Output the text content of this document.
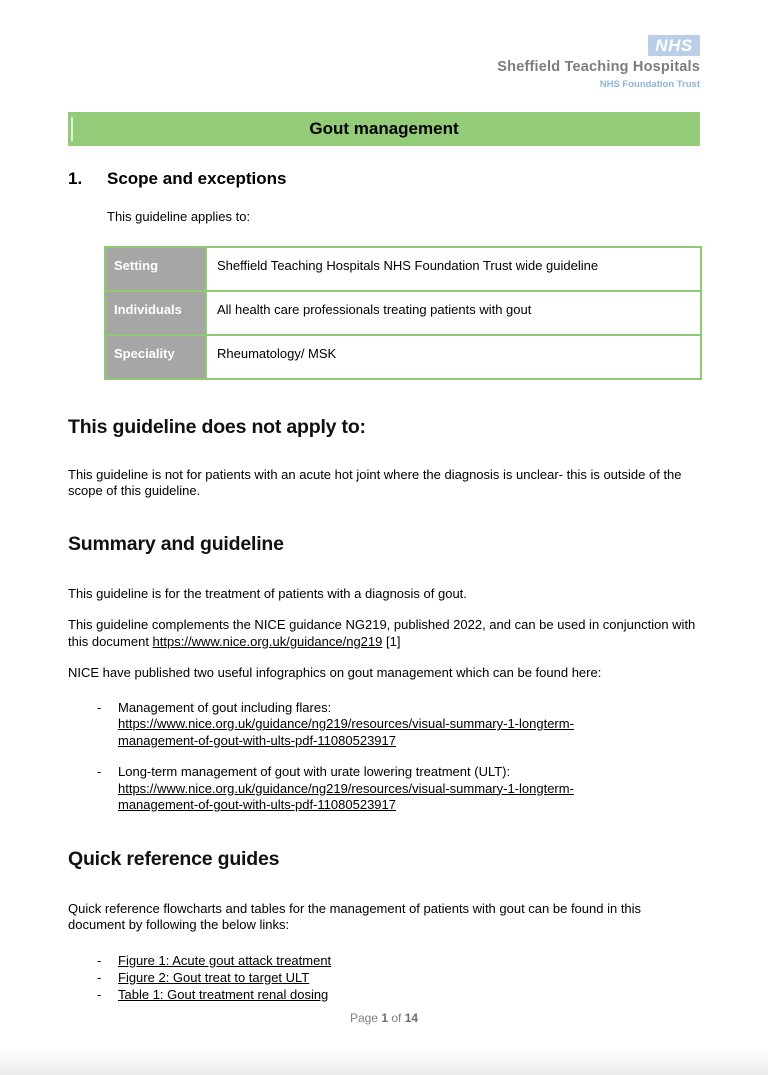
NHS
Sheffield Teaching Hospitals
NHS Foundation Trust
Gout management
1.	Scope and exceptions
This guideline applies to:
Setting	Sheffield Teaching Hospitals NHS Foundation Trust wide guideline
Individuals	All health care professionals treating patients with gout
Speciality	Rheumatology/ MSK
This guideline does not apply to:

This guideline is not for patients with an acute hot joint where the diagnosis is unclear- this is outside of the scope of this guideline.

Summary and guideline

This guideline is for the treatment of patients with a diagnosis of gout.

This guideline complements the NICE guidance NG219, published 2022, and can be used in conjunction with this document https://www.nice.org.uk/guidance/ng219 [1]

NICE have published two useful infographics on gout management which can be found here:

-	Management of gout including flares:
https://www.nice.org.uk/guidance/ng219/resources/visual-summary-1-longterm-
management-of-gout-with-ults-pdf-11080523917
-	Long-term management of gout with urate lowering treatment (ULT):
https://www.nice.org.uk/guidance/ng219/resources/visual-summary-1-longterm-
management-of-gout-with-ults-pdf-11080523917
Quick reference guides

Quick reference flowcharts and tables for the management of patients with gout can be found in this document by following the below links:

-	Figure 1: Acute gout attack treatment
-	Figure 2: Gout treat to target ULT
-	Table 1: Gout treatment renal dosing
Page 1 of 14
